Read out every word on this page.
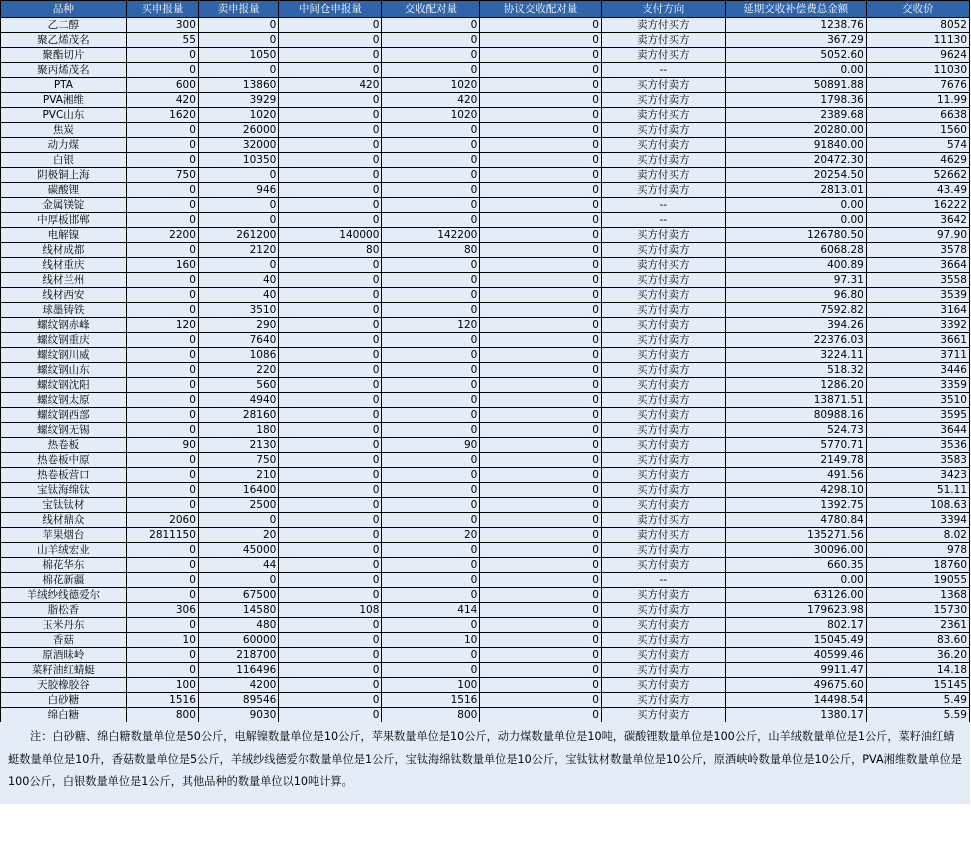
品种	买申报量	卖申报量	中间仓申报量	交收配对量	协议交收配对量	支付方向	延期交收补偿费总金额	交收价
乙二醇	300	0	0	0	0	卖方付买方	1238.76	8052
聚乙烯茂名	55	0	0	0	0	卖方付买方	367.29	11130
聚酯切片	0	1050	0	0	0	卖方付买方	5052.60	9624
聚丙烯茂名	0	0	0	0	0	--	0.00	11030
PTA	600	13860	420	1020	0	买方付卖方	50891.88	7676
PVA湘维	420	3929	0	420	0	买方付卖方	1798.36	11.99
PVC山东	1620	1020	0	1020	0	卖方付买方	2389.68	6638
焦炭	0	26000	0	0	0	买方付卖方	20280.00	1560
动力煤	0	32000	0	0	0	买方付卖方	91840.00	574
白银	0	10350	0	0	0	买方付卖方	20472.30	4629
阴极铜上海	750	0	0	0	0	卖方付买方	20254.50	52662
碳酸锂	0	946	0	0	0	买方付卖方	2813.01	43.49
金属镁锭	0	0	0	0	0	--	0.00	16222
中厚板邯郸	0	0	0	0	0	--	0.00	3642
电解镍	2200	261200	140000	142200	0	买方付卖方	126780.50	97.90
线材成都	0	2120	80	80	0	买方付卖方	6068.28	3578
线材重庆	160	0	0	0	0	卖方付买方	400.89	3664
线材兰州	0	40	0	0	0	买方付卖方	97.31	3558
线材西安	0	40	0	0	0	买方付卖方	96.80	3539
球墨铸铁	0	3510	0	0	0	买方付卖方	7592.82	3164
螺纹钢赤峰	120	290	0	120	0	买方付卖方	394.26	3392
螺纹钢重庆	0	7640	0	0	0	买方付卖方	22376.03	3661
螺纹钢川威	0	1086	0	0	0	买方付卖方	3224.11	3711
螺纹钢山东	0	220	0	0	0	买方付卖方	518.32	3446
螺纹钢沈阳	0	560	0	0	0	买方付卖方	1286.20	3359
螺纹钢太原	0	4940	0	0	0	买方付卖方	13871.51	3510
螺纹钢西部	0	28160	0	0	0	买方付卖方	80988.16	3595
螺纹钢无锡	0	180	0	0	0	买方付卖方	524.73	3644
热卷板	90	2130	0	90	0	买方付卖方	5770.71	3536
热卷板中原	0	750	0	0	0	买方付卖方	2149.78	3583
热卷板营口	0	210	0	0	0	买方付卖方	491.56	3423
宝钛海绵钛	0	16400	0	0	0	买方付卖方	4298.10	51.11
宝钛钛材	0	2500	0	0	0	买方付卖方	1392.75	108.63
线材鼎众	2060	0	0	0	0	卖方付买方	4780.84	3394
苹果烟台	2811150	20	0	20	0	卖方付买方	135271.56	8.02
山羊绒宏业	0	45000	0	0	0	买方付卖方	30096.00	978
棉花华东	0	44	0	0	0	买方付卖方	660.35	18760
棉花新疆	0	0	0	0	0	--	0.00	19055
羊绒纱线德爱尔	0	67500	0	0	0	买方付卖方	63126.00	1368
脂松香	306	14580	108	414	0	买方付卖方	179623.98	15730
玉米丹东	0	480	0	0	0	买方付卖方	802.17	2361
香菇	10	60000	0	10	0	买方付卖方	15045.49	83.60
原酒昧岭	0	218700	0	0	0	买方付卖方	40599.46	36.20
菜籽油红蜻蜓	0	116496	0	0	0	买方付卖方	9911.47	14.18
天胶橡胶谷	100	4200	0	100	0	买方付卖方	49675.60	15145
白砂糖	1516	89546	0	1516	0	买方付卖方	14498.54	5.49
绵白糖	800	9030	0	800	0	买方付卖方	1380.17	5.59
注：白砂糖、绵白糖数量单位是50公斤，电解镍数量单位是10公斤，苹果数量单位是10公斤，动力煤数量单位是10吨，碳酸锂数量单位是100公斤，山羊绒数量单位是1公斤，菜籽油红蜻蜓数量单位是10升，香菇数量单位是5公斤，羊绒纱线德爱尔数量单位是1公斤，宝钛海绵钛数量单位是10公斤，宝钛钛材数量单位是10公斤，原酒峡岭数量单位是10公斤，PVA湘维数量单位是100公斤，白银数量单位是1公斤，其他品种的数量单位以10吨计算。
